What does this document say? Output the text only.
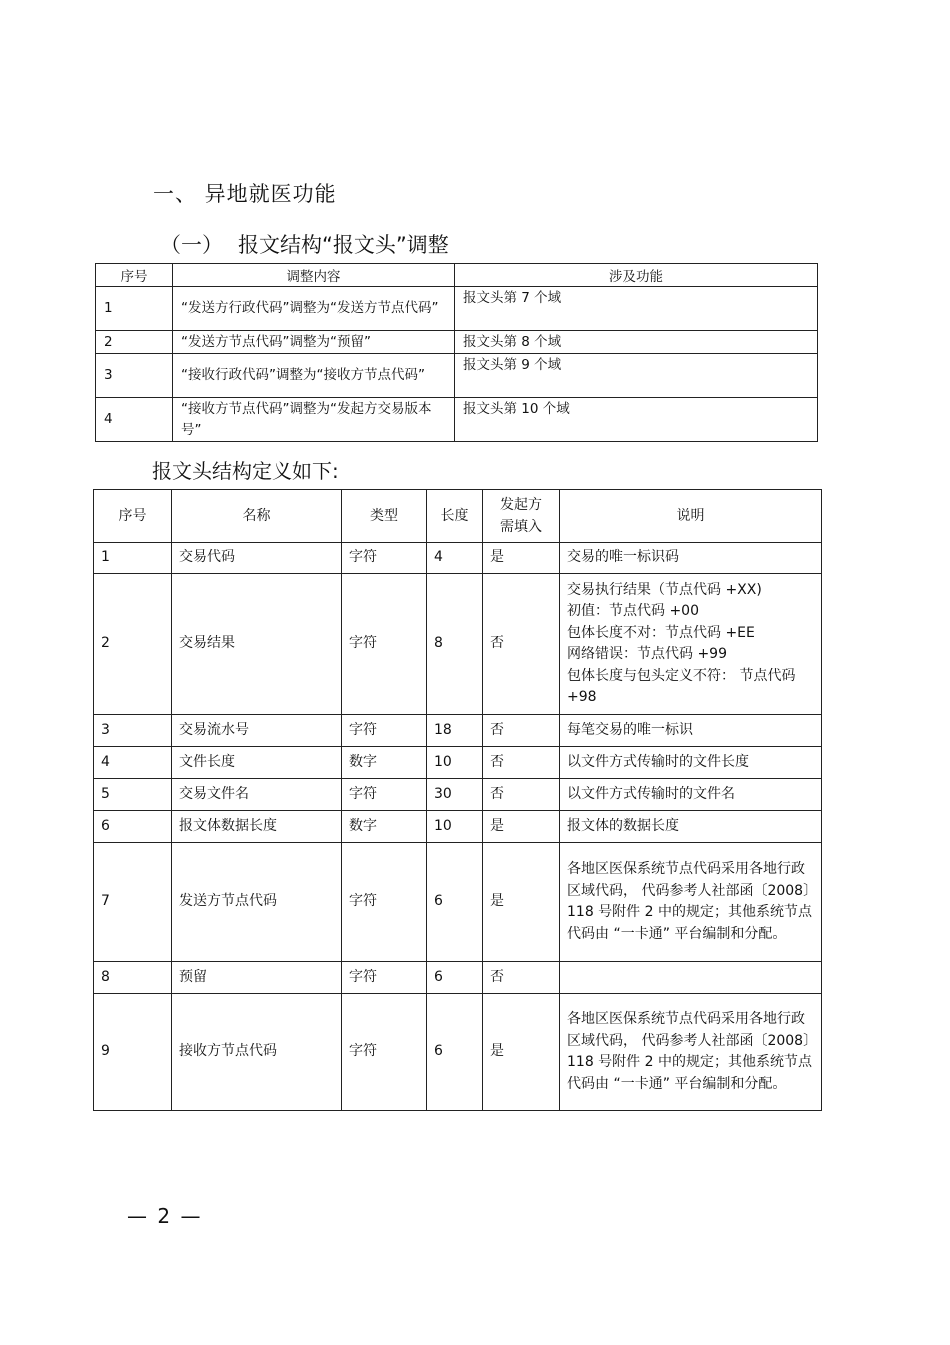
一、 异地就医功能
（一） 报文结构“报文头”调整
序号	调整内容	涉及功能
1	“发送方行政代码”调整为“发送方节点代码”	报文头第 7 个域
2	“发送方节点代码”调整为“预留”	报文头第 8 个域
3	“接收行政代码”调整为“接收方节点代码”	报文头第 9 个域
4	“接收方节点代码”调整为“发起方交易版本号”	报文头第 10 个域
报文头结构定义如下:
序号	名称	类型	长度	发起方需填入	说明
1	交易代码	字符	4	是	交易的唯一标识码
2	交易结果	字符	8	否	交易执行结果（节点代码 +XX)
初值：节点代码 +00
包体长度不对：节点代码 +EE
网络错误：节点代码 +99
包体长度与包头定义不符： 节点代码 +98
3	交易流水号	字符	18	否	每笔交易的唯一标识
4	文件长度	数字	10	否	以文件方式传输时的文件长度
5	交易文件名	字符	30	否	以文件方式传输时的文件名
6	报文体数据长度	数字	10	是	报文体的数据长度
7	发送方节点代码	字符	6	是	各地区医保系统节点代码采用各地行政区域代码， 代码参考人社部函〔2008〕118 号附件 2 中的规定；其他系统节点代码由 “一卡通” 平台编制和分配。
8	预留	字符	6	否	
9	接收方节点代码	字符	6	是	各地区医保系统节点代码采用各地行政区域代码， 代码参考人社部函〔2008〕118 号附件 2 中的规定；其他系统节点代码由 “一卡通” 平台编制和分配。
— 2 —
